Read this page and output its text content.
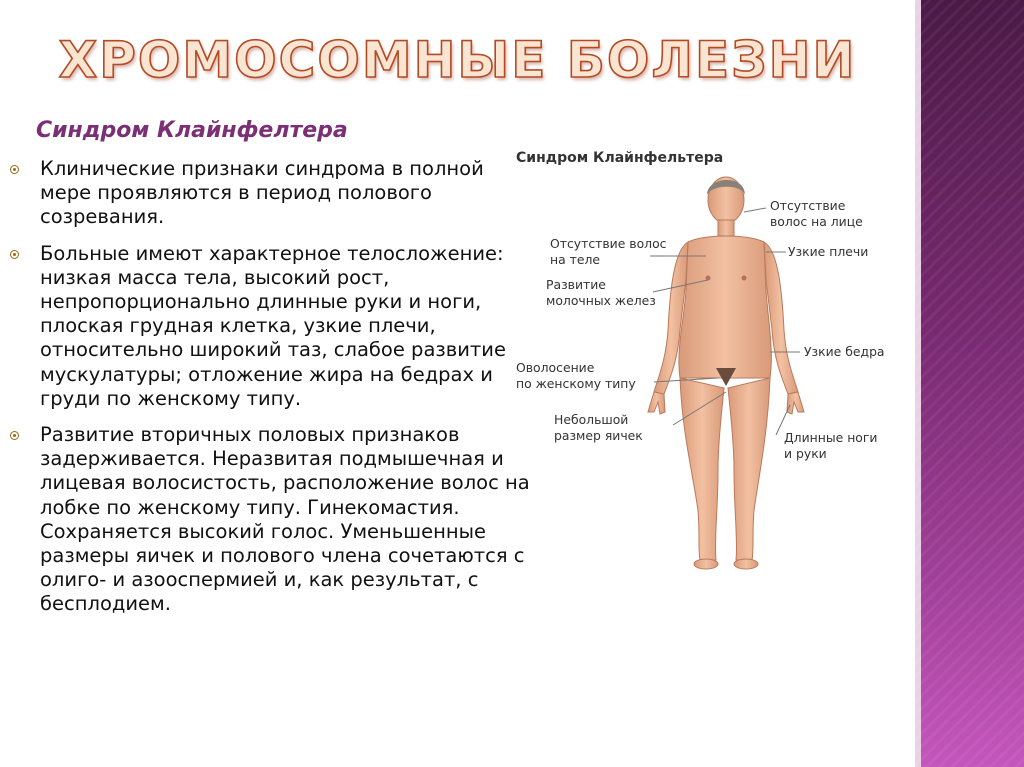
ХРОМОСОМНЫЕ БОЛЕЗНИ
Синдром Клайнфелтера
Клинические признаки синдрома в полной мере проявляются в период полового созревания.
Больные имеют характерное телосложение: низкая масса тела, высокий рост, непропорционально длинные руки и ноги, плоская грудная клетка, узкие плечи, относительно широкий таз, слабое развитие мускулатуры; отложение жира на бедрах и груди по женскому типу.
Развитие вторичных половых признаков задерживается. Неразвитая подмышечная и лицевая волосистость, расположение волос на лобке по женскому типу. Гинекомастия. Сохраняется высокий голос. Уменьшенные размеры яичек и полового члена сочетаются с олиго- и азооспермией и, как результат, с бесплодием.
Синдром Клайнфельтера
Отсутствие
волос на лице
Узкие плечи
Отсутствие волос
на теле
Развитие
молочных желез
Узкие бедра
Оволосение
по женскому типу
Небольшой
размер яичек	Длинные ноги
и руки
